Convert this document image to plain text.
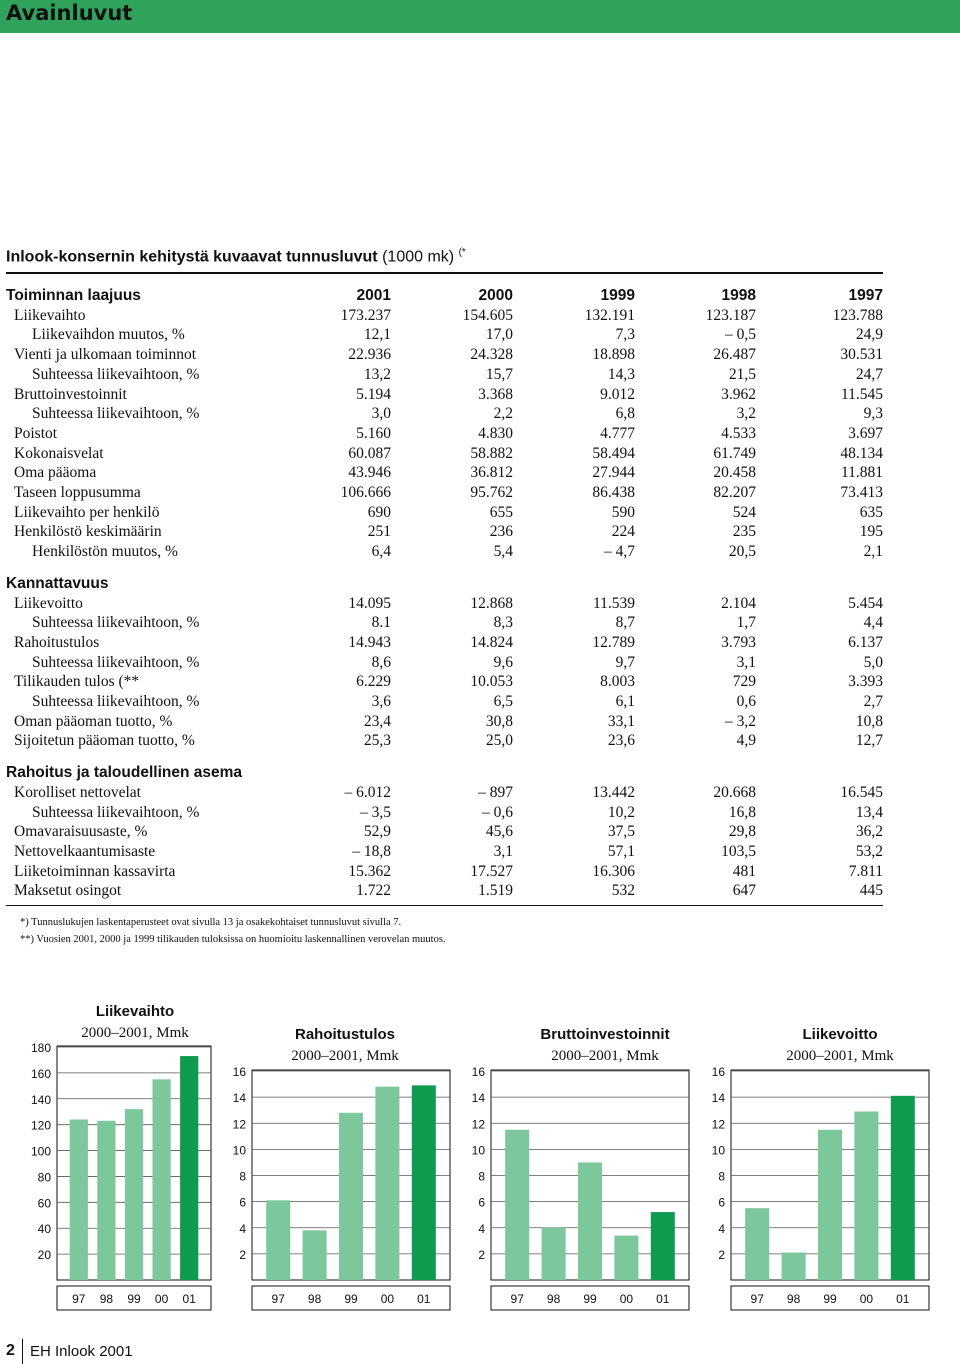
Avainluvut
Inlook-konsernin kehitystä kuvaavat tunnusluvut (1000 mk) (*
Toiminnan laajuus	2001	2000	1999	1998	1997
Liikevaihto	173.237	154.605	132.191	123.187	123.788
Liikevaihdon muutos, %	12,1	17,0	7,3	– 0,5	24,9
Vienti ja ulkomaan toiminnot	22.936	24.328	18.898	26.487	30.531
Suhteessa liikevaihtoon, %	13,2	15,7	14,3	21,5	24,7
Bruttoinvestoinnit	5.194	3.368	9.012	3.962	11.545
Suhteessa liikevaihtoon, %	3,0	2,2	6,8	3,2	9,3
Poistot	5.160	4.830	4.777	4.533	3.697
Kokonaisvelat	60.087	58.882	58.494	61.749	48.134
Oma pääoma	43.946	36.812	27.944	20.458	11.881
Taseen loppusumma	106.666	95.762	86.438	82.207	73.413
Liikevaihto per henkilö	690	655	590	524	635
Henkilöstö keskimäärin	251	236	224	235	195
Henkilöstön muutos, %	6,4	5,4	– 4,7	20,5	2,1

Kannattavuus					
Liikevoitto	14.095	12.868	11.539	2.104	5.454
Suhteessa liikevaihtoon, %	8.1	8,3	8,7	1,7	4,4
Rahoitustulos	14.943	14.824	12.789	3.793	6.137
Suhteessa liikevaihtoon, %	8,6	9,6	9,7	3,1	5,0
Tilikauden tulos (**	6.229	10.053	8.003	729	3.393
Suhteessa liikevaihtoon, %	3,6	6,5	6,1	0,6	2,7
Oman pääoman tuotto, %	23,4	30,8	33,1	– 3,2	10,8
Sijoitetun pääoman tuotto, %	25,3	25,0	23,6	4,9	12,7

Rahoitus ja taloudellinen asema					
Korolliset nettovelat	– 6.012	– 897	13.442	20.668	16.545
Suhteessa liikevaihtoon, %	– 3,5	– 0,6	10,2	16,8	13,4
Omavaraisuusaste, %	52,9	45,6	37,5	29,8	36,2
Nettovelkaantumisaste	– 18,8	3,1	57,1	103,5	53,2
Liiketoiminnan kassavirta	15.362	17.527	16.306	481	7.811
Maksetut osingot	1.722	1.519	532	647	445
*) Tunnuslukujen laskentaperusteet ovat sivulla 13 ja osakekohtaiset tunnusluvut sivulla 7.
**) Vuosien 2001, 2000 ja 1999 tilikauden tuloksissa on huomioitu laskennallinen verovelan muutos.
Liikevaihto
2000–2001, Mmk	Rahoitustulos
2000–2001, Mmk
Bruttoinvestoinnit
2000–2001, Mmk
Liikevoitto
2000–2001, Mmk
20
40
60
80
100
120
140
160
180
97 98 99 00 01
2
4
6
8
10
12
14
16
97 98 99 00 01
2
4
6
8
10
12
14
16
97 98 99 00 01
2
4
6
8
10
12
14
16
97 98 99 00 01
2 EH Inlook 2001
